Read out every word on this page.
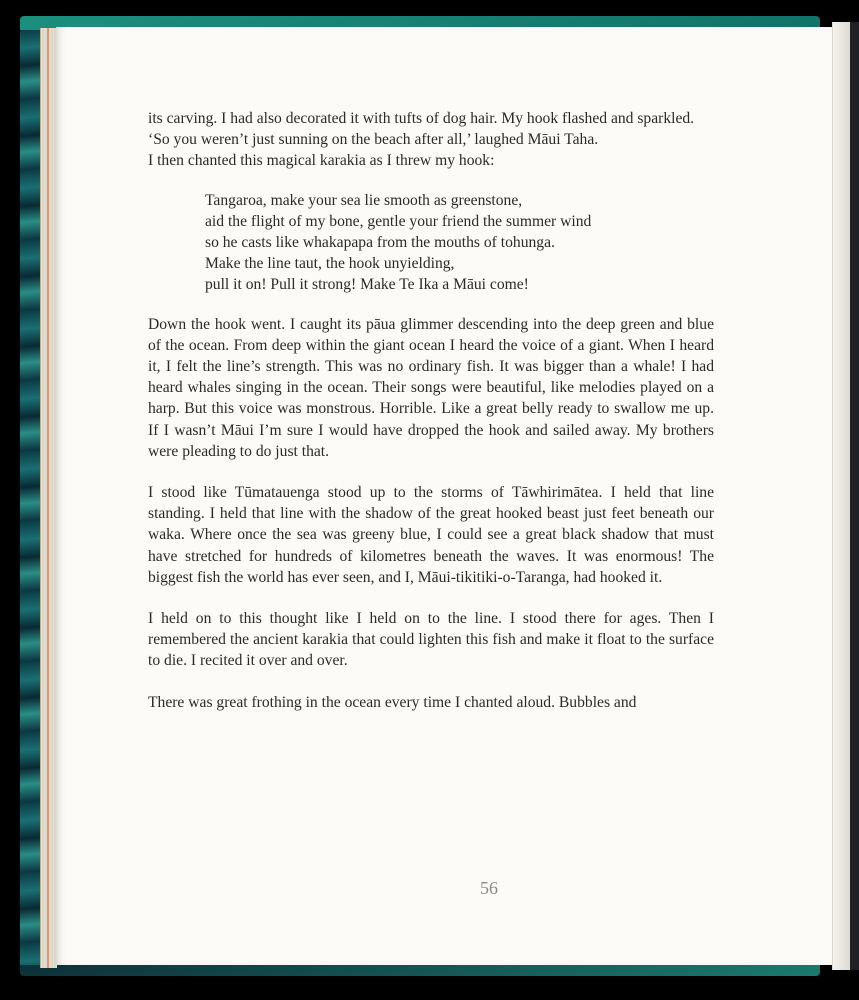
its carving. I had also decorated it with tufts of dog hair. My hook flashed and sparkled.

‘So you weren’t just sunning on the beach after all,’ laughed Māui Taha.

I then chanted this magical karakia as I threw my hook:

Tangaroa, make your sea lie smooth as greenstone,
aid the flight of my bone, gentle your friend the summer wind
so he casts like whakapapa from the mouths of tohunga.
Make the line taut, the hook unyielding,
pull it on! Pull it strong! Make Te Ika a Māui come!

Down the hook went. I caught its pāua glimmer descending into the deep green and blue of the ocean. From deep within the giant ocean I heard the voice of a giant. When I heard it, I felt the line’s strength. This was no ordinary fish. It was bigger than a whale! I had heard whales singing in the ocean. Their songs were beautiful, like melodies played on a harp. But this voice was monstrous. Horrible. Like a great belly ready to swallow me up. If I wasn’t Māui I’m sure I would have dropped the hook and sailed away. My brothers were pleading to do just that.

I stood like Tūmatauenga stood up to the storms of Tāwhirimātea. I held that line standing. I held that line with the shadow of the great hooked beast just feet beneath our waka. Where once the sea was greeny blue, I could see a great black shadow that must have stretched for hundreds of kilometres beneath the waves. It was enormous! The biggest fish the world has ever seen, and I, Māui-tikitiki-o-Taranga, had hooked it.

I held on to this thought like I held on to the line. I stood there for ages. Then I remembered the ancient karakia that could lighten this fish and make it float to the surface to die. I recited it over and over.

There was great frothing in the ocean every time I chanted aloud. Bubbles and

56
